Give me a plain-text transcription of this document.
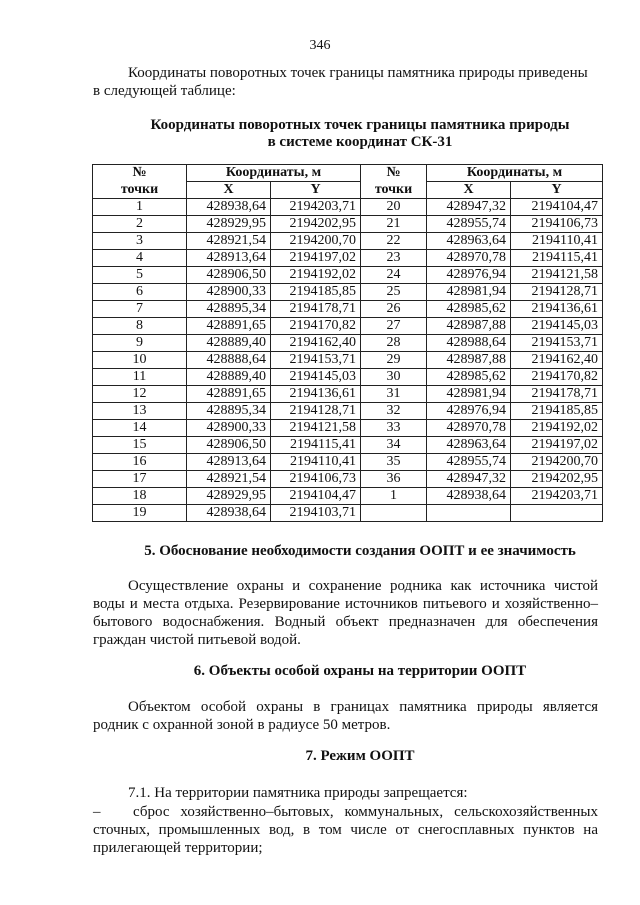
346
Координаты поворотных точек границы памятника природы приведены в следующей таблице:
Координаты поворотных точек границы памятника природы
в системе координат СК-31
№	Координаты, м		№	Координаты, м	
точки	X	Y	точки	X	Y
1	428938,64	2194203,71	20	428947,32	2194104,47
2	428929,95	2194202,95	21	428955,74	2194106,73
3	428921,54	2194200,70	22	428963,64	2194110,41
4	428913,64	2194197,02	23	428970,78	2194115,41
5	428906,50	2194192,02	24	428976,94	2194121,58
6	428900,33	2194185,85	25	428981,94	2194128,71
7	428895,34	2194178,71	26	428985,62	2194136,61
8	428891,65	2194170,82	27	428987,88	2194145,03
9	428889,40	2194162,40	28	428988,64	2194153,71
10	428888,64	2194153,71	29	428987,88	2194162,40
11	428889,40	2194145,03	30	428985,62	2194170,82
12	428891,65	2194136,61	31	428981,94	2194178,71
13	428895,34	2194128,71	32	428976,94	2194185,85
14	428900,33	2194121,58	33	428970,78	2194192,02
15	428906,50	2194115,41	34	428963,64	2194197,02
16	428913,64	2194110,41	35	428955,74	2194200,70
17	428921,54	2194106,73	36	428947,32	2194202,95
18	428929,95	2194104,47	1	428938,64	2194203,71
19	428938,64	2194103,71			
5. Обоснование необходимости создания ООПТ и ее значимость
Осуществление охраны и сохранение родника как источника чистой воды и места отдыха. Резервирование источников питьевого и хозяйственно–бытового водоснабжения. Водный объект предназначен для обеспечения граждан чистой питьевой водой.
6. Объекты особой охраны на территории ООПТ
Объектом особой охраны в границах памятника природы является родник с охранной зоной в радиусе 50 метров.
7. Режим ООПТ
7.1. На территории памятника природы запрещается:
– сброс хозяйственно–бытовых, коммунальных, сельскохозяйственных сточных, промышленных вод, в том числе от снегосплавных пунктов на прилегающей территории;
